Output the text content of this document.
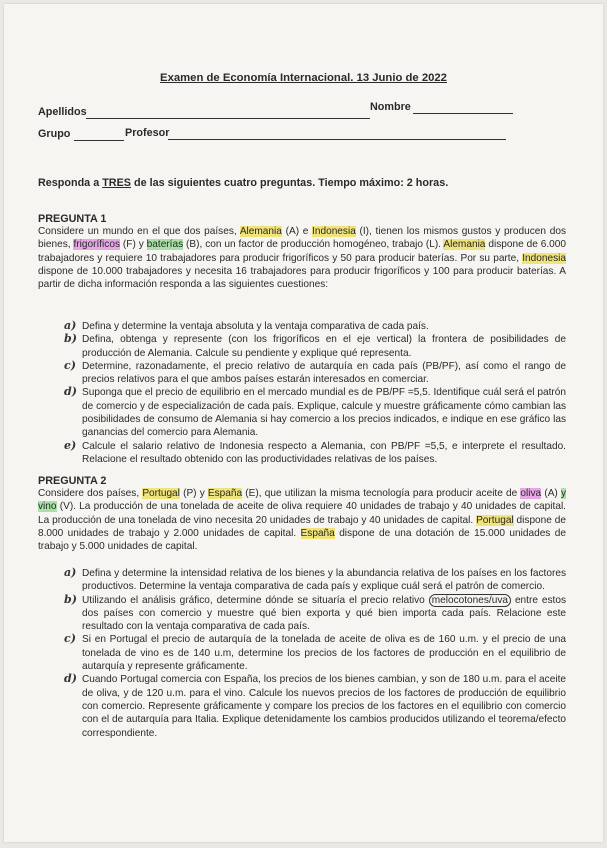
Examen de Economía Internacional. 13 Junio de 2022
Apellidos	Nombre
Grupo	Profesor
Responda a TRES de las siguientes cuatro preguntas. Tiempo máximo: 2 horas.
PREGUNTA 1
Considere un mundo en el que dos países, Alemania (A) e Indonesia (I), tienen los mismos gustos y producen dos bienes, frigoríficos (F) y baterías (B), con un factor de producción homogéneo, trabajo (L). Alemania dispone de 6.000 trabajadores y requiere 10 trabajadores para producir frigoríficos y 50 para producir baterías. Por su parte, Indonesia dispone de 10.000 trabajadores y necesita 16 trabajadores para producir frigoríficos y 100 para producir baterías. A partir de dicha información responda a las siguientes cuestiones:
a) Defina y determine la ventaja absoluta y la ventaja comparativa de cada país.
b) Defina, obtenga y represente (con los frigoríficos en el eje vertical) la frontera de posibilidades de producción de Alemania. Calcule su pendiente y explique qué representa.
c) Determine, razonadamente, el precio relativo de autarquía en cada país (PB/PF), así como el rango de precios relativos para el que ambos países estarán interesados en comerciar.
d) Suponga que el precio de equilibrio en el mercado mundial es de PB/PF =5,5. Identifique cuál será el patrón de comercio y de especialización de cada país. Explique, calcule y muestre gráficamente cómo cambian las posibilidades de consumo de Alemania si hay comercio a los precios indicados, e indique en ese gráfico las ganancias del comercio para Alemania.
e) Calcule el salario relativo de Indonesia respecto a Alemania, con PB/PF =5,5, e interprete el resultado. Relacione el resultado obtenido con las productividades relativas de los países.
PREGUNTA 2
Considere dos países, Portugal (P) y España (E), que utilizan la misma tecnología para producir aceite de oliva (A) y vino (V). La producción de una tonelada de aceite de oliva requiere 40 unidades de trabajo y 40 unidades de capital. La producción de una tonelada de vino necesita 20 unidades de trabajo y 40 unidades de capital. Portugal dispone de 8.000 unidades de trabajo y 2.000 unidades de capital. España dispone de una dotación de 15.000 unidades de trabajo y 5.000 unidades de capital.
a) Defina y determine la intensidad relativa de los bienes y la abundancia relativa de los países en los factores productivos. Determine la ventaja comparativa de cada país y explique cuál será el patrón de comercio.
b) Utilizando el análisis gráfico, determine dónde se situaría el precio relativo melocotones/uva entre estos dos países con comercio y muestre qué bien exporta y qué bien importa cada país. Relacione este resultado con la ventaja comparativa de cada país.
c) Si en Portugal el precio de autarquía de la tonelada de aceite de oliva es de 160 u.m. y el precio de una tonelada de vino es de 140 u.m, determine los precios de los factores de producción en el equilibrio de autarquía y represente gráficamente.
d) Cuando Portugal comercia con España, los precios de los bienes cambian, y son de 180 u.m. para el aceite de oliva, y de 120 u.m. para el vino. Calcule los nuevos precios de los factores de producción de equilibrio con comercio. Represente gráficamente y compare los precios de los factores en el equilibrio con comercio con el de autarquía para Italia. Explique detenidamente los cambios producidos utilizando el teorema/efecto correspondiente.
